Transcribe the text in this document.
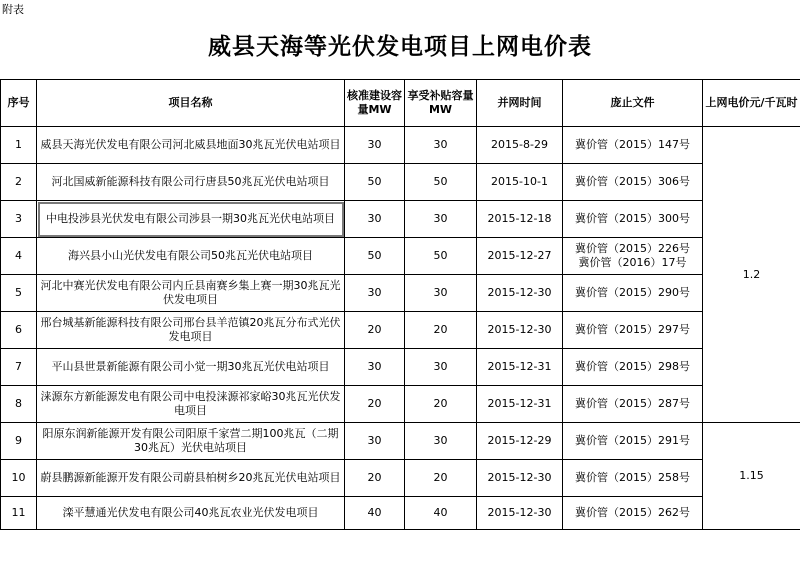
附表
威县天海等光伏发电项目上网电价表
序号	项目名称	核准建设容量MW	享受补贴容量MW	并网时间	庞止文件	上网电价元/千瓦时
1	威县天海光伏发电有限公司河北威县地面30兆瓦光伏电站项目	30	30	2015-8-29	冀价管（2015）147号	1.2
2	河北国威新能源科技有限公司行唐县50兆瓦光伏电站项目	50	50	2015-10-1	冀价管（2015）306号	
3	中电投涉县光伏发电有限公司涉县一期30兆瓦光伏电站项目	30	30	2015-12-18	冀价管（2015）300号	
4	海兴县小山光伏发电有限公司50兆瓦光伏电站项目	50	50	2015-12-27	冀价管（2015）226号
冀价管（2016）17号	

5	河北中赛光伏发电有限公司内丘县南赛乡集上赛一期30兆瓦光伏发电项目	30	30	2015-12-30	冀价管（2015）290号	
6	邢台城基新能源科技有限公司邢台县羊范镇20兆瓦分布式光伏发电项目	20	20	2015-12-30	冀价管（2015）297号	
7	平山县世景新能源有限公司小觉一期30兆瓦光伏电站项目	30	30	2015-12-31	冀价管（2015）298号	
8	涞源东方新能源发电有限公司中电投涞源祁家峪30兆瓦光伏发电项目	20	20	2015-12-31	冀价管（2015）287号	
9	阳原东润新能源开发有限公司阳原千家营二期100兆瓦（二期30兆瓦）光伏电站项目	30	30	2015-12-29	冀价管（2015）291号	1.15
10	蔚县鹏源新能源开发有限公司蔚县柏树乡20兆瓦光伏电站项目	20	20	2015-12-30	冀价管（2015）258号	
11	滦平慧通光伏发电有限公司40兆瓦农业光伏发电项目	40	40	2015-12-30	冀价管（2015）262号	
